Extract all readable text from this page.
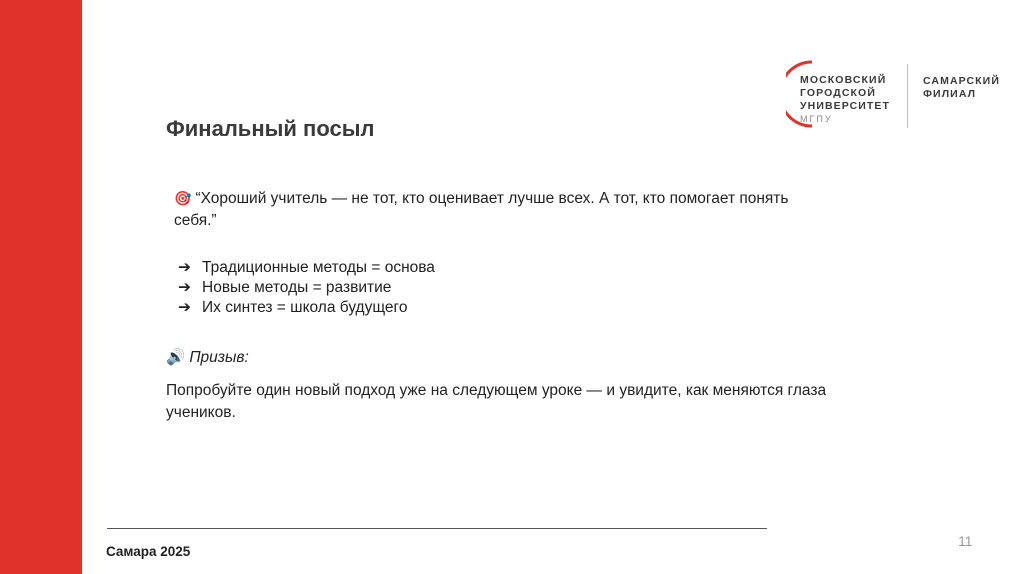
МОСКОВСКИЙ
ГОРОДСКОЙ
УНИВЕРСИТЕТ
МГПУ
САМАРСКИЙ
ФИЛИАЛ
Финальный посыл
🎯 “Хороший учитель — не тот, кто оценивает лучше всех. А тот, кто помогает понять себя.”
➔ Традиционные методы = основа
➔ Новые методы = развитие
➔ Их синтез = школа будущего
🔊 Призыв:
Попробуйте один новый подход уже на следующем уроке — и увидите, как меняются глаза учеников.
11
Самара 2025
